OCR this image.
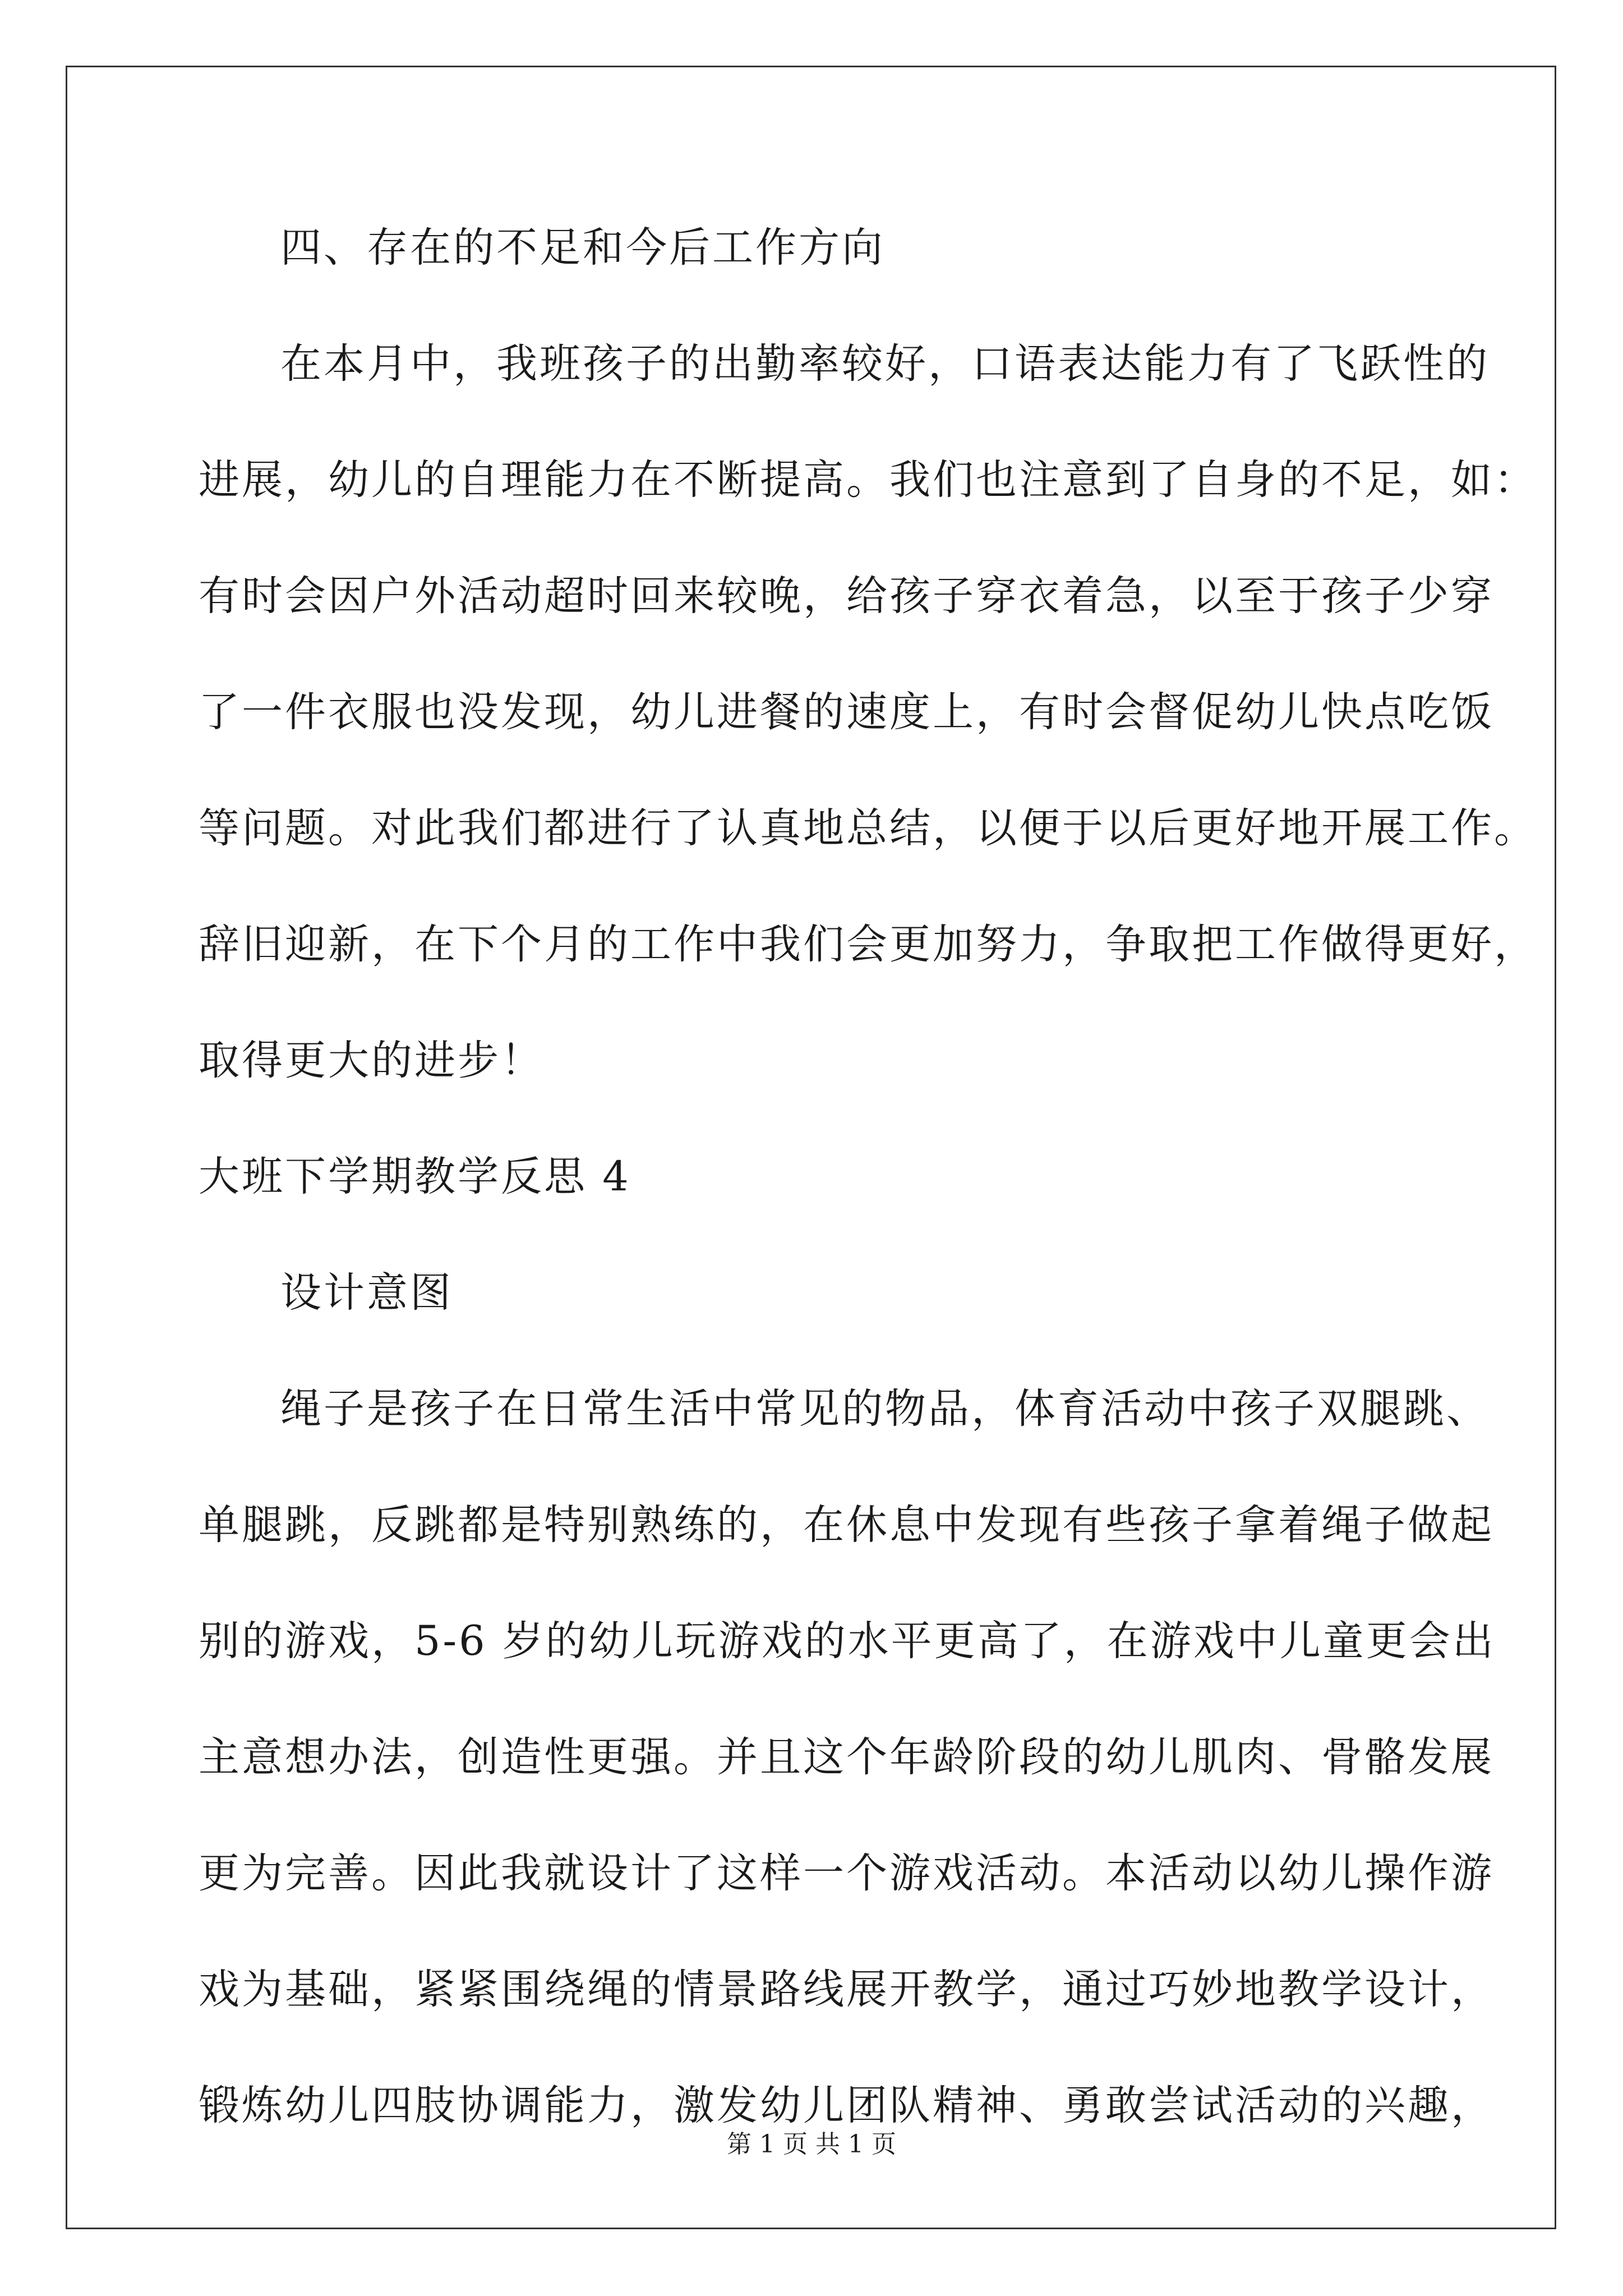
四、存在的不足和今后工作方向
在本月中，我班孩子的出勤率较好，口语表达能力有了飞跃性的
进展，幼儿的自理能力在不断提高。我们也注意到了自身的不足，如：
有时会因户外活动超时回来较晚，给孩子穿衣着急，以至于孩子少穿
了一件衣服也没发现，幼儿进餐的速度上，有时会督促幼儿快点吃饭
等问题。对此我们都进行了认真地总结，以便于以后更好地开展工作。
辞旧迎新，在下个月的工作中我们会更加努力，争取把工作做得更好，
取得更大的进步！
大班下学期教学反思 4
设计意图
绳子是孩子在日常生活中常见的物品，体育活动中孩子双腿跳、
单腿跳，反跳都是特别熟练的，在休息中发现有些孩子拿着绳子做起
别的游戏，5-6 岁的幼儿玩游戏的水平更高了，在游戏中儿童更会出
主意想办法，创造性更强。并且这个年龄阶段的幼儿肌肉、骨骼发展
更为完善。因此我就设计了这样一个游戏活动。本活动以幼儿操作游
戏为基础，紧紧围绕绳的情景路线展开教学，通过巧妙地教学设计，
锻炼幼儿四肢协调能力，激发幼儿团队精神、勇敢尝试活动的兴趣，
第 1 页 共 1 页
